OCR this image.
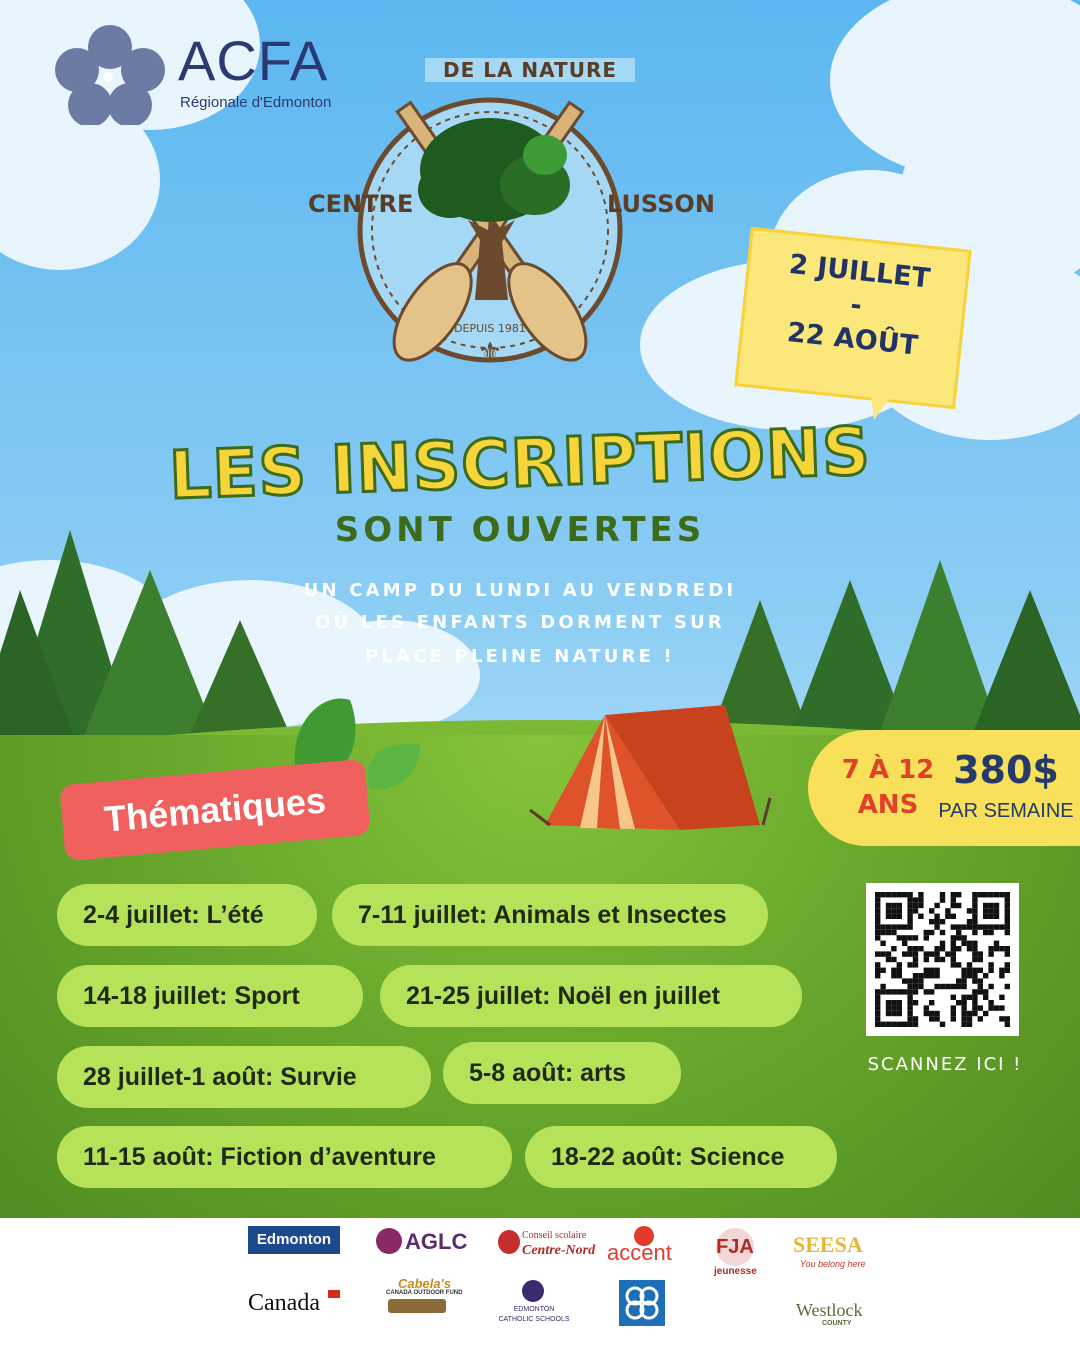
ACFA
Régionale d'Edmonton
DEPUIS 1981
⚜
DE LA NATURE
CENTRE	LUSSON
2 JUILLET
-
22 AOÛT
LES INSCRIPTIONS
SONT OUVERTES
UN CAMP DU LUNDI AU VENDREDI
OÙ LES ENFANTS DORMENT SUR
PLACE PLEINE NATURE !
7 À 12
ANS
380$
PAR SEMAINE
Thématiques
2-4 juillet: L’été	7-11 juillet: Animals et Insectes
14-18 juillet: Sport	21-25 juillet: Noël en juillet
28 juillet-1 août: Survie	5-8 août: arts
11-15 août: Fiction d’aventure	18-22 août: Science
SCANNEZ ICI !
Edmonton	AGLC	Conseil scolaire
Centre-Nord accent FJA
jeunesse
SEESA
You belong here
Canada
Cabela's
CANADA OUTDOOR FUND
EDMONTON
CATHOLIC SCHOOLS	Westlock
COUNTY
